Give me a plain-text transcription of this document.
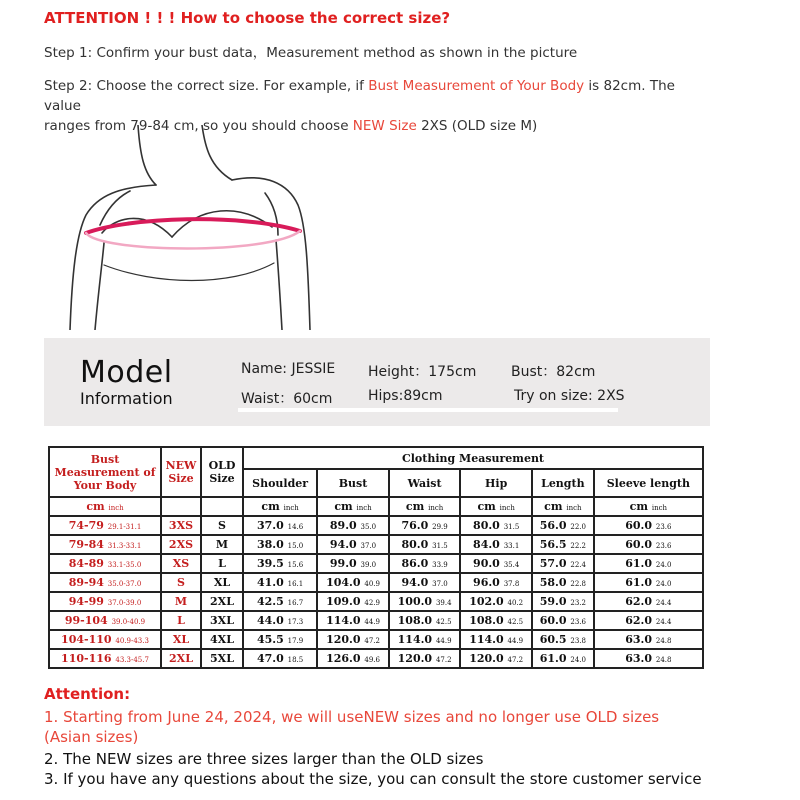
ATTENTION ! ! ! How to choose the correct size?
Step 1: Confirm your bust data，Measurement method as shown in the picture
Step 2: Choose the correct size. For example, if Bust Measurement of Your Body is 82cm. The value
ranges from 79-84 cm, so you should choose NEW Size 2XS (OLD size M)
Model
Information
Name: JESSIE Height：175cm Bust：82cm
Waist：60cm	Hips:89cm	Try on size: 2XS
Bust Measurement of Your Body	NEW Size	OLD Size	Clothing Measurement					
			Shoulder	Bust	Waist	Hip	Length	Sleeve length
cm inch			cm inch	cm inch	cm inch	cm inch	cm inch	cm inch
74-79 29.1-31.1	3XS	S	37.0 14.6	89.0 35.0	76.0 29.9	80.0 31.5	56.0 22.0	60.0 23.6
79-84 31.3-33.1	2XS	M	38.0 15.0	94.0 37.0	80.0 31.5	84.0 33.1	56.5 22.2	60.0 23.6
84-89 33.1-35.0	XS	L	39.5 15.6	99.0 39.0	86.0 33.9	90.0 35.4	57.0 22.4	61.0 24.0
89-94 35.0-37.0	S	XL	41.0 16.1	104.0 40.9	94.0 37.0	96.0 37.8	58.0 22.8	61.0 24.0
94-99 37.0-39.0	M	2XL	42.5 16.7	109.0 42.9	100.0 39.4	102.0 40.2	59.0 23.2	62.0 24.4
99-104 39.0-40.9	L	3XL	44.0 17.3	114.0 44.9	108.0 42.5	108.0 42.5	60.0 23.6	62.0 24.4
104-110 40.9-43.3	XL	4XL	45.5 17.9	120.0 47.2	114.0 44.9	114.0 44.9	60.5 23.8	63.0 24.8
110-116 43.3-45.7	2XL	5XL	47.0 18.5	126.0 49.6	120.0 47.2	120.0 47.2	61.0 24.0	63.0 24.8
Attention:
1. Starting from June 24, 2024, we will useNEW sizes and no longer use OLD sizes
(Asian sizes)
2. The NEW sizes are three sizes larger than the OLD sizes
3. If you have any questions about the size, you can consult the store customer service
